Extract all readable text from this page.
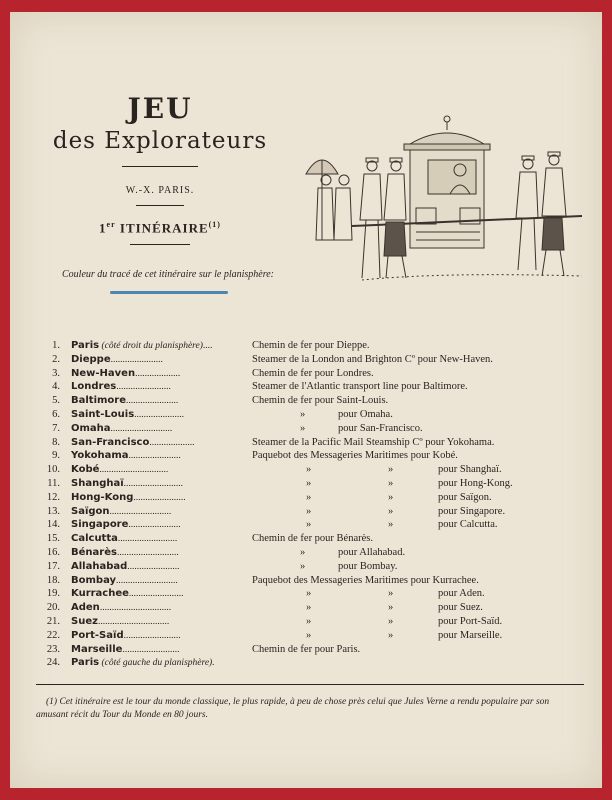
JEU
des Explorateurs
W.-X. PARIS.
1er ITINÉRAIRE$^{(1)}$
Couleur du tracé de cet itinéraire sur le planisphère:
1. Paris (côté droit du planisphère)....	Chemin de fer pour Dieppe.
2. Dieppe......................	Steamer de la London and Brighton Cº pour New-Haven.
3. New-Haven...................	Chemin de fer pour Londres.
4. Londres.......................	Steamer de l'Atlantic transport line pour Baltimore.
5. Baltimore......................	Chemin de fer pour Saint-Louis.
6. Saint-Louis.....................	»	pour Omaha.
7. Omaha..........................	»	pour San-Francisco.
8. San-Francisco...................	Steamer de la Pacific Mail Steamship Cº pour Yokohama.
9. Yokohama......................	Paquebot des Messageries Maritimes pour Kobé.
10. Kobé.............................	»	»	pour Shanghaï.
11. Shanghaï.........................	»	»	pour Hong-Kong.
12. Hong-Kong......................	»	»	pour Saïgon.
13. Saïgon..........................	»	»	pour Singapore.
14. Singapore......................	»	»	pour Calcutta.
15. Calcutta.........................	Chemin de fer pour Bénarès.
16. Bénarès..........................	»	pour Allahabad.
17. Allahabad......................	»	pour Bombay.
18. Bombay..........................	Paquebot des Messageries Maritimes pour Kurrachee.
19. Kurrachee.......................	»	»	pour Aden.
20. Aden..............................	»	»	pour Suez.
21. Suez..............................	»	»	pour Port-Saïd.
22. Port-Saïd........................	»	»	pour Marseille.
23. Marseille........................	Chemin de fer pour Paris.
24. Paris (côté gauche du planisphère).
(1) Cet itinéraire est le tour du monde classique, le plus rapide, à peu de chose près celui que Jules Verne a rendu populaire par son amusant récit du Tour du Monde en 80 jours.
